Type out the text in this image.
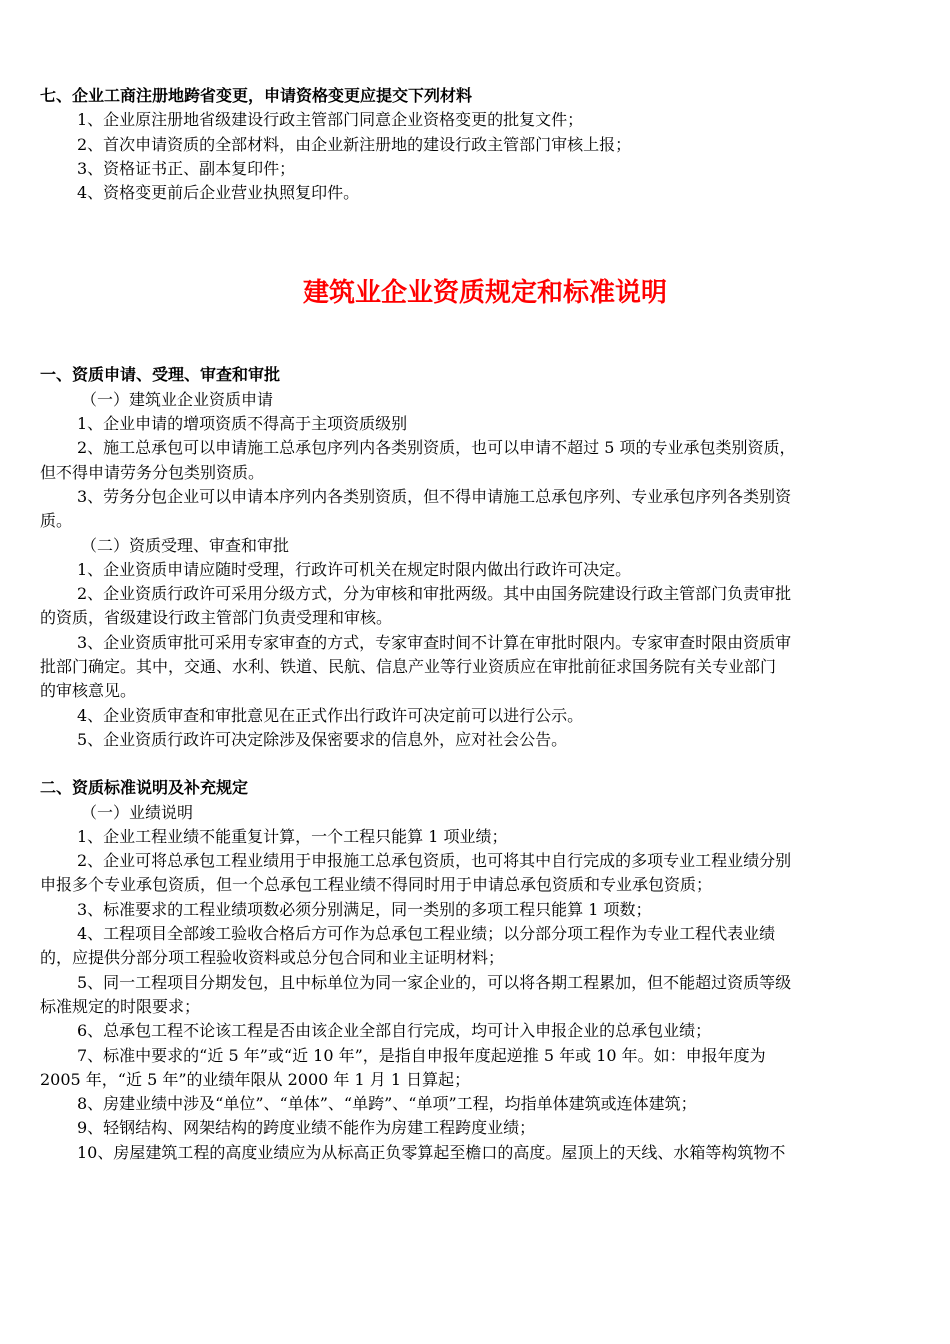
七、企业工商注册地跨省变更，申请资格变更应提交下列材料

1、企业原注册地省级建设行政主管部门同意企业资格变更的批复文件；

2、首次申请资质的全部材料，由企业新注册地的建设行政主管部门审核上报；

3、资格证书正、副本复印件；

4、资格变更前后企业营业执照复印件。

建筑业企业资质规定和标准说明

一、资质申请、受理、审查和审批

（一）建筑业企业资质申请

1、企业申请的增项资质不得高于主项资质级别

2、施工总承包可以申请施工总承包序列内各类别资质，也可以申请不超过 5 项的专业承包类别资质，

但不得申请劳务分包类别资质。

3、劳务分包企业可以申请本序列内各类别资质，但不得申请施工总承包序列、专业承包序列各类别资

质。

（二）资质受理、审查和审批

1、企业资质申请应随时受理，行政许可机关在规定时限内做出行政许可决定。

2、企业资质行政许可采用分级方式，分为审核和审批两级。其中由国务院建设行政主管部门负责审批

的资质，省级建设行政主管部门负责受理和审核。

3、企业资质审批可采用专家审查的方式，专家审查时间不计算在审批时限内。专家审查时限由资质审

批部门确定。其中，交通、水利、铁道、民航、信息产业等行业资质应在审批前征求国务院有关专业部门

的审核意见。

4、企业资质审查和审批意见在正式作出行政许可决定前可以进行公示。

5、企业资质行政许可决定除涉及保密要求的信息外，应对社会公告。

二、资质标准说明及补充规定

（一）业绩说明

1、企业工程业绩不能重复计算，一个工程只能算 1 项业绩；

2、企业可将总承包工程业绩用于申报施工总承包资质，也可将其中自行完成的多项专业工程业绩分别

申报多个专业承包资质，但一个总承包工程业绩不得同时用于申请总承包资质和专业承包资质；

3、标准要求的工程业绩项数必须分别满足，同一类别的多项工程只能算 1 项数；

4、工程项目全部竣工验收合格后方可作为总承包工程业绩；以分部分项工程作为专业工程代表业绩

的，应提供分部分项工程验收资料或总分包合同和业主证明材料；

5、同一工程项目分期发包，且中标单位为同一家企业的，可以将各期工程累加，但不能超过资质等级

标准规定的时限要求；

6、总承包工程不论该工程是否由该企业全部自行完成，均可计入申报企业的总承包业绩；

7、标准中要求的“近 5 年”或“近 10 年”，是指自申报年度起逆推 5 年或 10 年。如：申报年度为

2005 年，“近 5 年”的业绩年限从 2000 年 1 月 1 日算起；

8、房建业绩中涉及“单位”、“单体”、“单跨”、“单项”工程，均指单体建筑或连体建筑；

9、轻钢结构、网架结构的跨度业绩不能作为房建工程跨度业绩；

10、房屋建筑工程的高度业绩应为从标高正负零算起至檐口的高度。屋顶上的天线、水箱等构筑物不
